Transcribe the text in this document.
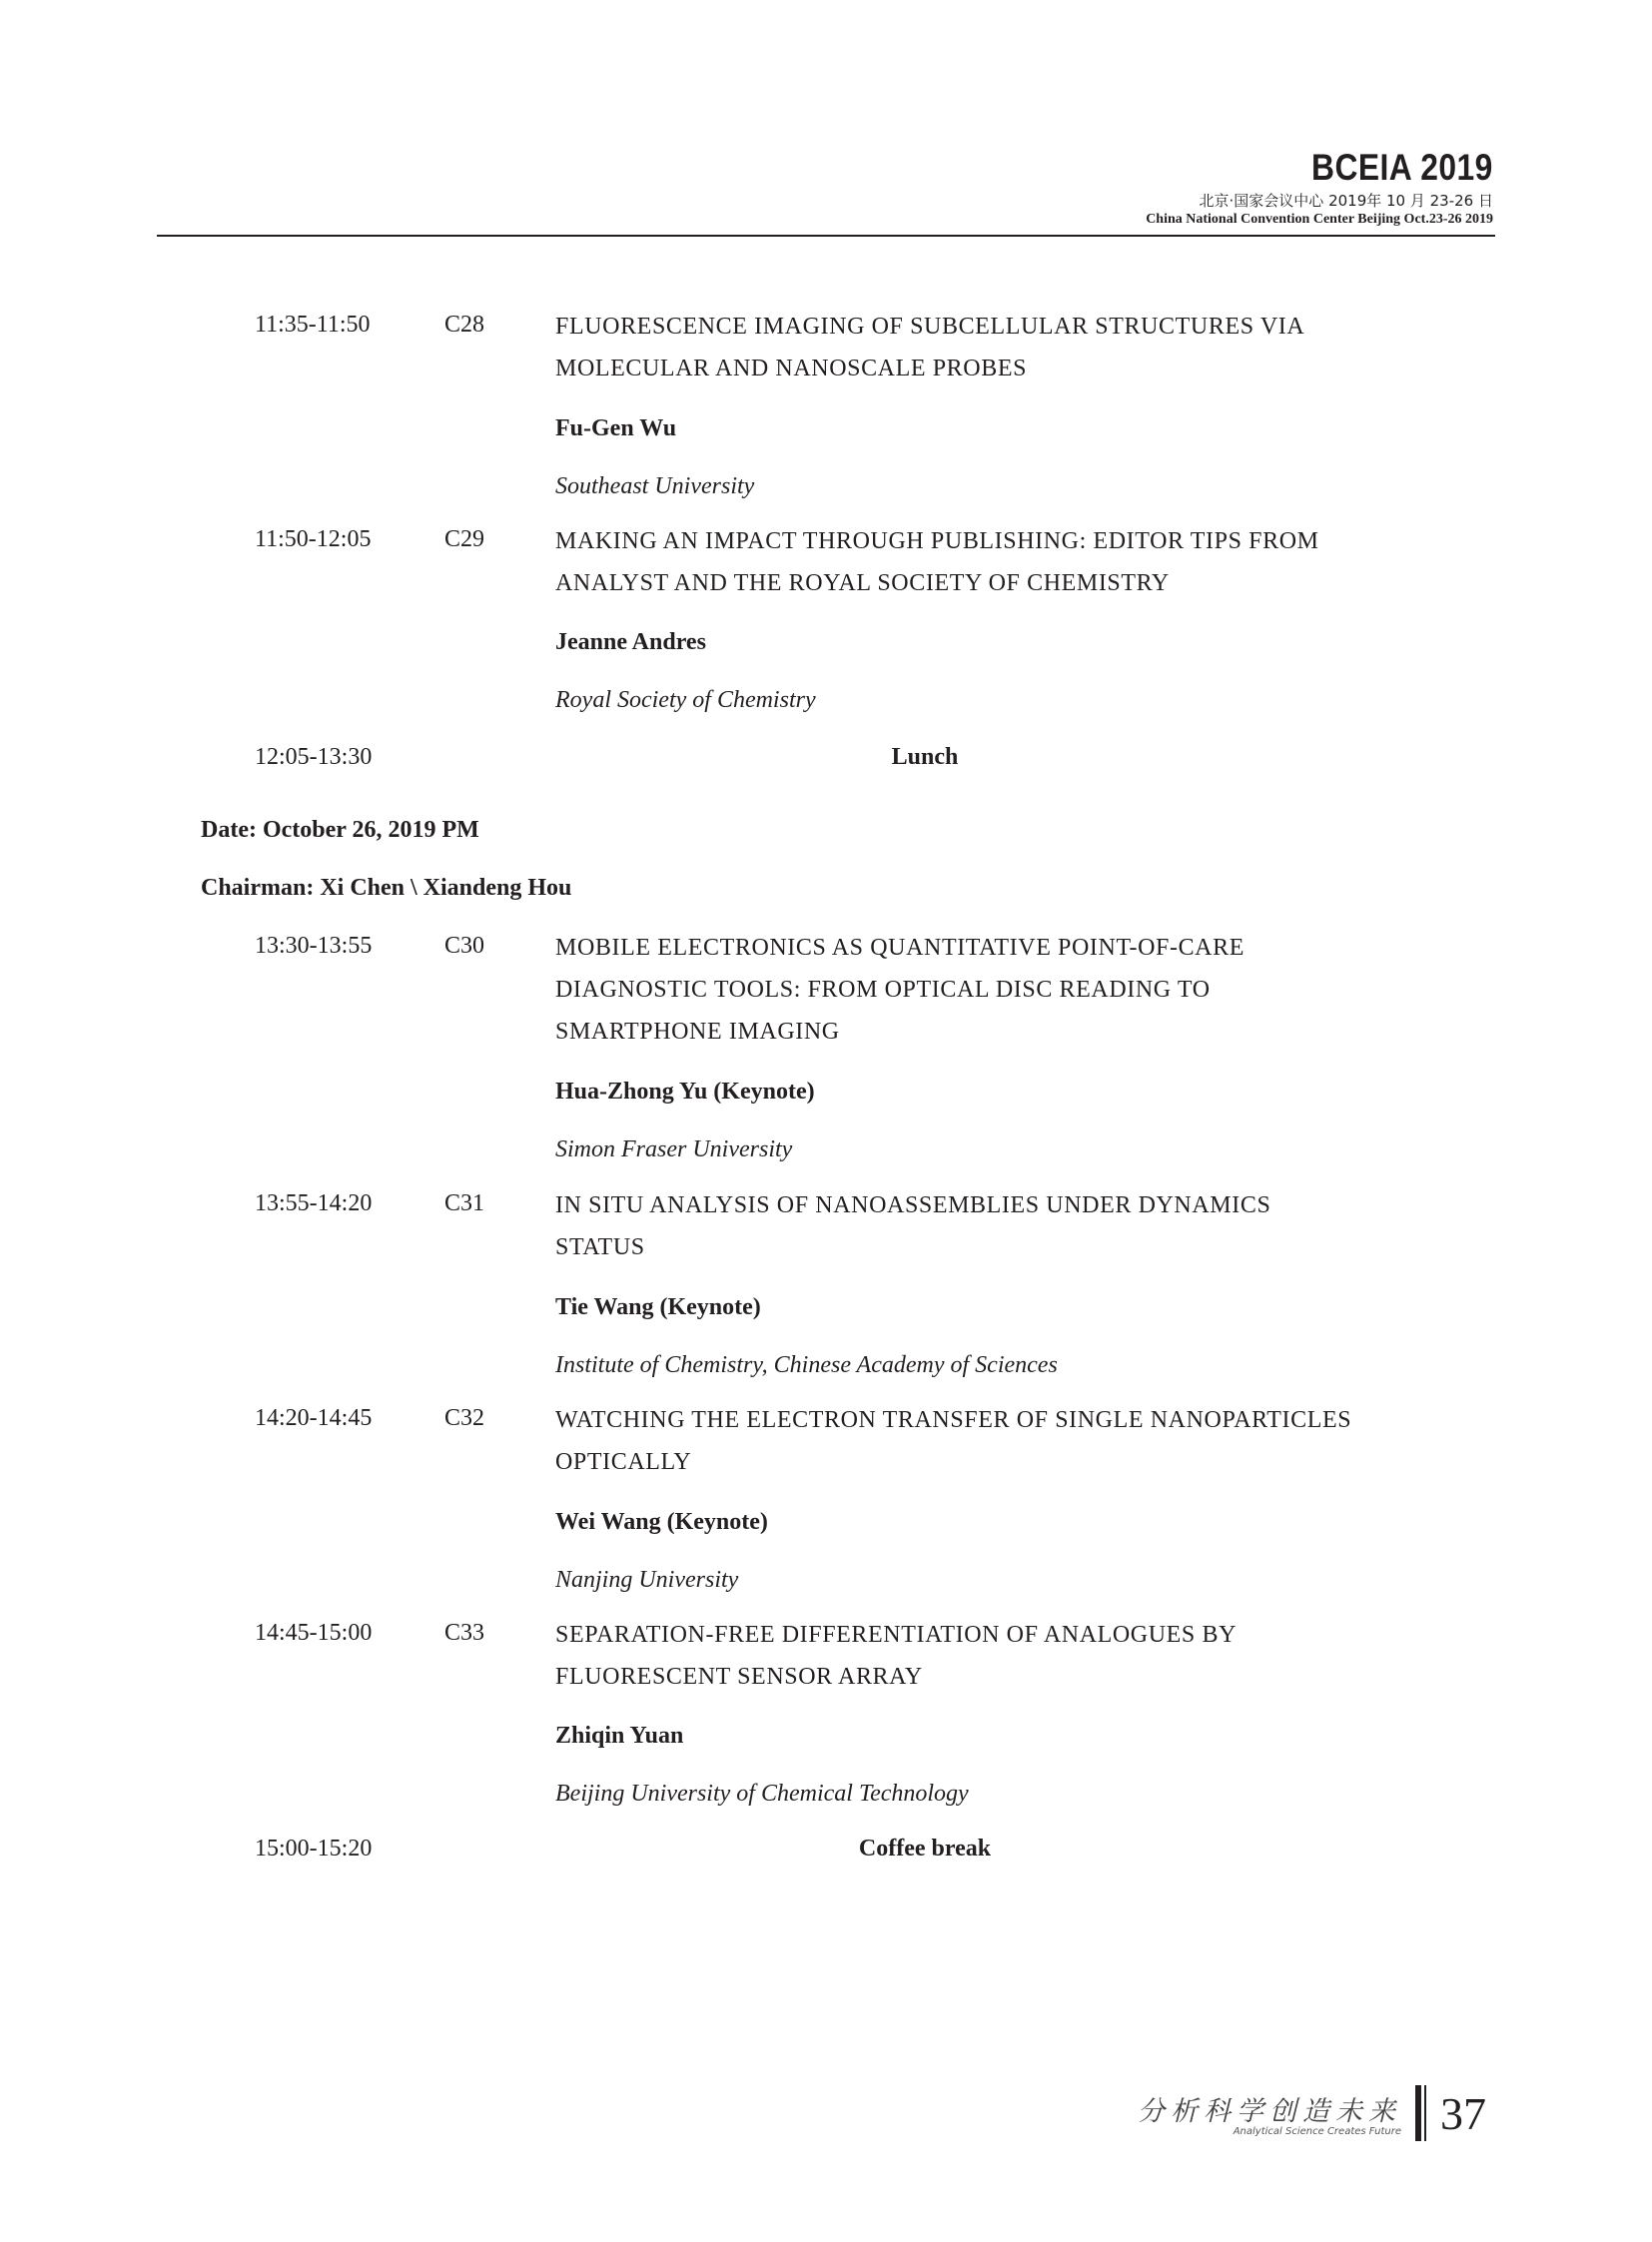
BCEIA 2019
北京·国家会议中心 2019年 10 月 23-26 日
China National Convention Center Beijing Oct.23-26 2019
11:35-11:50	C28	FLUORESCENCE IMAGING OF SUBCELLULAR STRUCTURES VIA MOLECULAR AND NANOSCALE PROBES
Fu-Gen Wu
Southeast University
11:50-12:05	C29	MAKING AN IMPACT THROUGH PUBLISHING: EDITOR TIPS FROM ANALYST AND THE ROYAL SOCIETY OF CHEMISTRY
Jeanne Andres
Royal Society of Chemistry
12:05-13:30	Lunch
Date: October 26, 2019 PM
Chairman: Xi Chen \ Xiandeng Hou
13:30-13:55	C30	MOBILE ELECTRONICS AS QUANTITATIVE POINT-OF-CARE DIAGNOSTIC TOOLS: FROM OPTICAL DISC READING TO SMARTPHONE IMAGING
Hua-Zhong Yu (Keynote)
Simon Fraser University
13:55-14:20	C31	IN SITU ANALYSIS OF NANOASSEMBLIES UNDER DYNAMICS STATUS
Tie Wang (Keynote)
Institute of Chemistry, Chinese Academy of Sciences
14:20-14:45	C32	WATCHING THE ELECTRON TRANSFER OF SINGLE NANOPARTICLES OPTICALLY
Wei Wang (Keynote)
Nanjing University
14:45-15:00	C33	SEPARATION-FREE DIFFERENTIATION OF ANALOGUES BY FLUORESCENT SENSOR ARRAY
Zhiqin Yuan
Beijing University of Chemical Technology
15:00-15:20	Coffee break
分析科学创造未来
Analytical Science Creates Future 37
